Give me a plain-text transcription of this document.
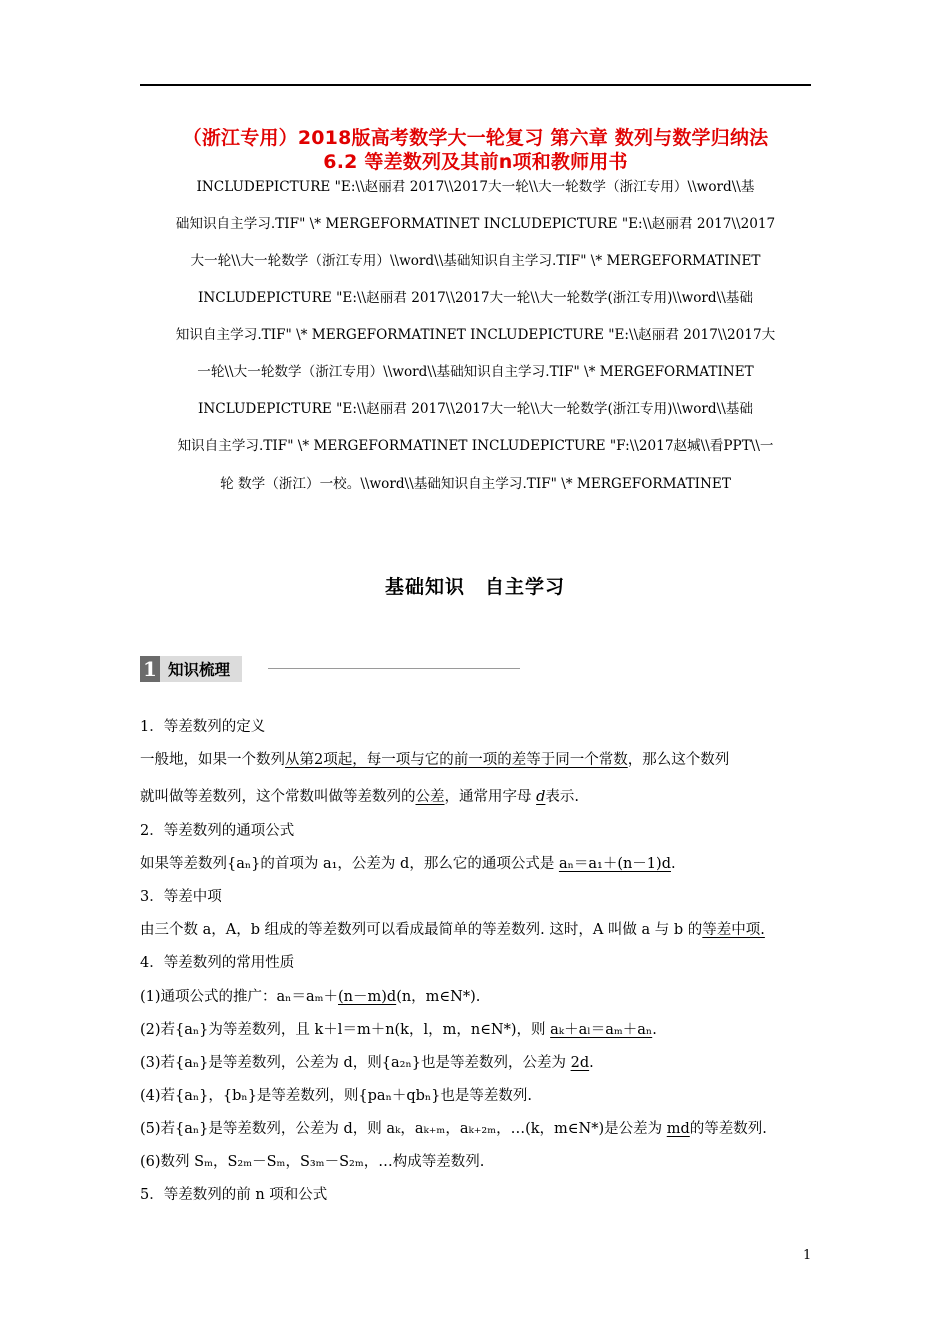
（浙江专用）2018版高考数学大一轮复习 第六章 数列与数学归纳法
6.2 等差数列及其前n项和教师用书
INCLUDEPICTURE "E:\\赵丽君 2017\\2017大一轮\\大一轮数学（浙江专用）\\word\\基
础知识自主学习.TIF" \* MERGEFORMATINET INCLUDEPICTURE "E:\\赵丽君 2017\\2017
大一轮\\大一轮数学（浙江专用）\\word\\基础知识自主学习.TIF" \* MERGEFORMATINET
INCLUDEPICTURE "E:\\赵丽君 2017\\2017大一轮\\大一轮数学(浙江专用)\\word\\基础
知识自主学习.TIF" \* MERGEFORMATINET INCLUDEPICTURE "E:\\赵丽君 2017\\2017大
一轮\\大一轮数学（浙江专用）\\word\\基础知识自主学习.TIF" \* MERGEFORMATINET
INCLUDEPICTURE "E:\\赵丽君 2017\\2017大一轮\\大一轮数学(浙江专用)\\word\\基础
知识自主学习.TIF" \* MERGEFORMATINET INCLUDEPICTURE "F:\\2017赵堿\\看PPT\\一
轮 数学（浙江）一校。\\word\\基础知识自主学习.TIF" \* MERGEFORMATINET
基础知识　自主学习
1 知识梳理
1．等差数列的定义
一般地，如果一个数列从第2项起，每一项与它的前一项的差等于同一个常数，那么这个数列
就叫做等差数列，这个常数叫做等差数列的公差，通常用字母 d表示.
2．等差数列的通项公式
如果等差数列{aₙ}的首项为 a₁，公差为 d，那么它的通项公式是 aₙ＝a₁＋(n－1)d.
3．等差中项
由三个数 a，A，b 组成的等差数列可以看成最简单的等差数列. 这时，A 叫做 a 与 b 的等差中项.
4．等差数列的常用性质
(1)通项公式的推广：aₙ＝aₘ＋(n－m)d(n，m∈N*).
(2)若{aₙ}为等差数列，且 k＋l＝m＋n(k，l，m，n∈N*)，则 aₖ＋aₗ＝aₘ＋aₙ.
(3)若{aₙ}是等差数列，公差为 d，则{a₂ₙ}也是等差数列，公差为 2d.
(4)若{aₙ}，{bₙ}是等差数列，则{paₙ＋qbₙ}也是等差数列.
(5)若{aₙ}是等差数列，公差为 d，则 aₖ，aₖ₊ₘ，aₖ₊₂ₘ，…(k，m∈N*)是公差为 md的等差数列.
(6)数列 Sₘ，S₂ₘ－Sₘ，S₃ₘ－S₂ₘ，…构成等差数列.
5．等差数列的前 n 项和公式
1
